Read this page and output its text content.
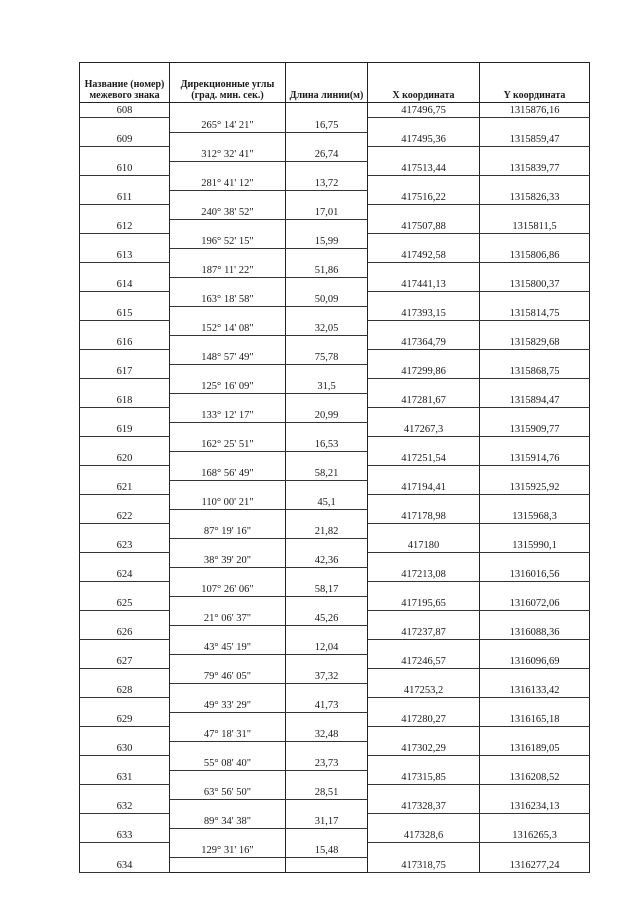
Название (номер) межевого знака	Дирекционные углы (град. мин. сек.)	Длина линии(м)	X координата	Y координата
608			417496,75	1315876,16
	265° 14' 21"	16,75		
609			417495,36	1315859,47
	312° 32' 41"	26,74		
610			417513,44	1315839,77
	281° 41' 12"	13,72		
611			417516,22	1315826,33
	240° 38' 52"	17,01		
612			417507,88	1315811,5
	196° 52' 15"	15,99		
613			417492,58	1315806,86
	187° 11' 22"	51,86		
614			417441,13	1315800,37
	163° 18' 58"	50,09		
615			417393,15	1315814,75
	152° 14' 08"	32,05		
616			417364,79	1315829,68
	148° 57' 49"	75,78		
617			417299,86	1315868,75
	125° 16' 09"	31,5		
618			417281,67	1315894,47
	133° 12' 17"	20,99		
619			417267,3	1315909,77
	162° 25' 51"	16,53		
620			417251,54	1315914,76
	168° 56' 49"	58,21		
621			417194,41	1315925,92
	110° 00' 21"	45,1		
622			417178,98	1315968,3
	87° 19' 16"	21,82		
623			417180	1315990,1
	38° 39' 20"	42,36		
624			417213,08	1316016,56
	107° 26' 06"	58,17		
625			417195,65	1316072,06
	21° 06' 37"	45,26		
626			417237,87	1316088,36
	43° 45' 19"	12,04		
627			417246,57	1316096,69
	79° 46' 05"	37,32		
628			417253,2	1316133,42
	49° 33' 29"	41,73		
629			417280,27	1316165,18
	47° 18' 31"	32,48		
630			417302,29	1316189,05
	55° 08' 40"	23,73		
631			417315,85	1316208,52
	63° 56' 50"	28,51		
632			417328,37	1316234,13
	89° 34' 38"	31,17		
633			417328,6	1316265,3
	129° 31' 16"	15,48		
634			417318,75	1316277,24
